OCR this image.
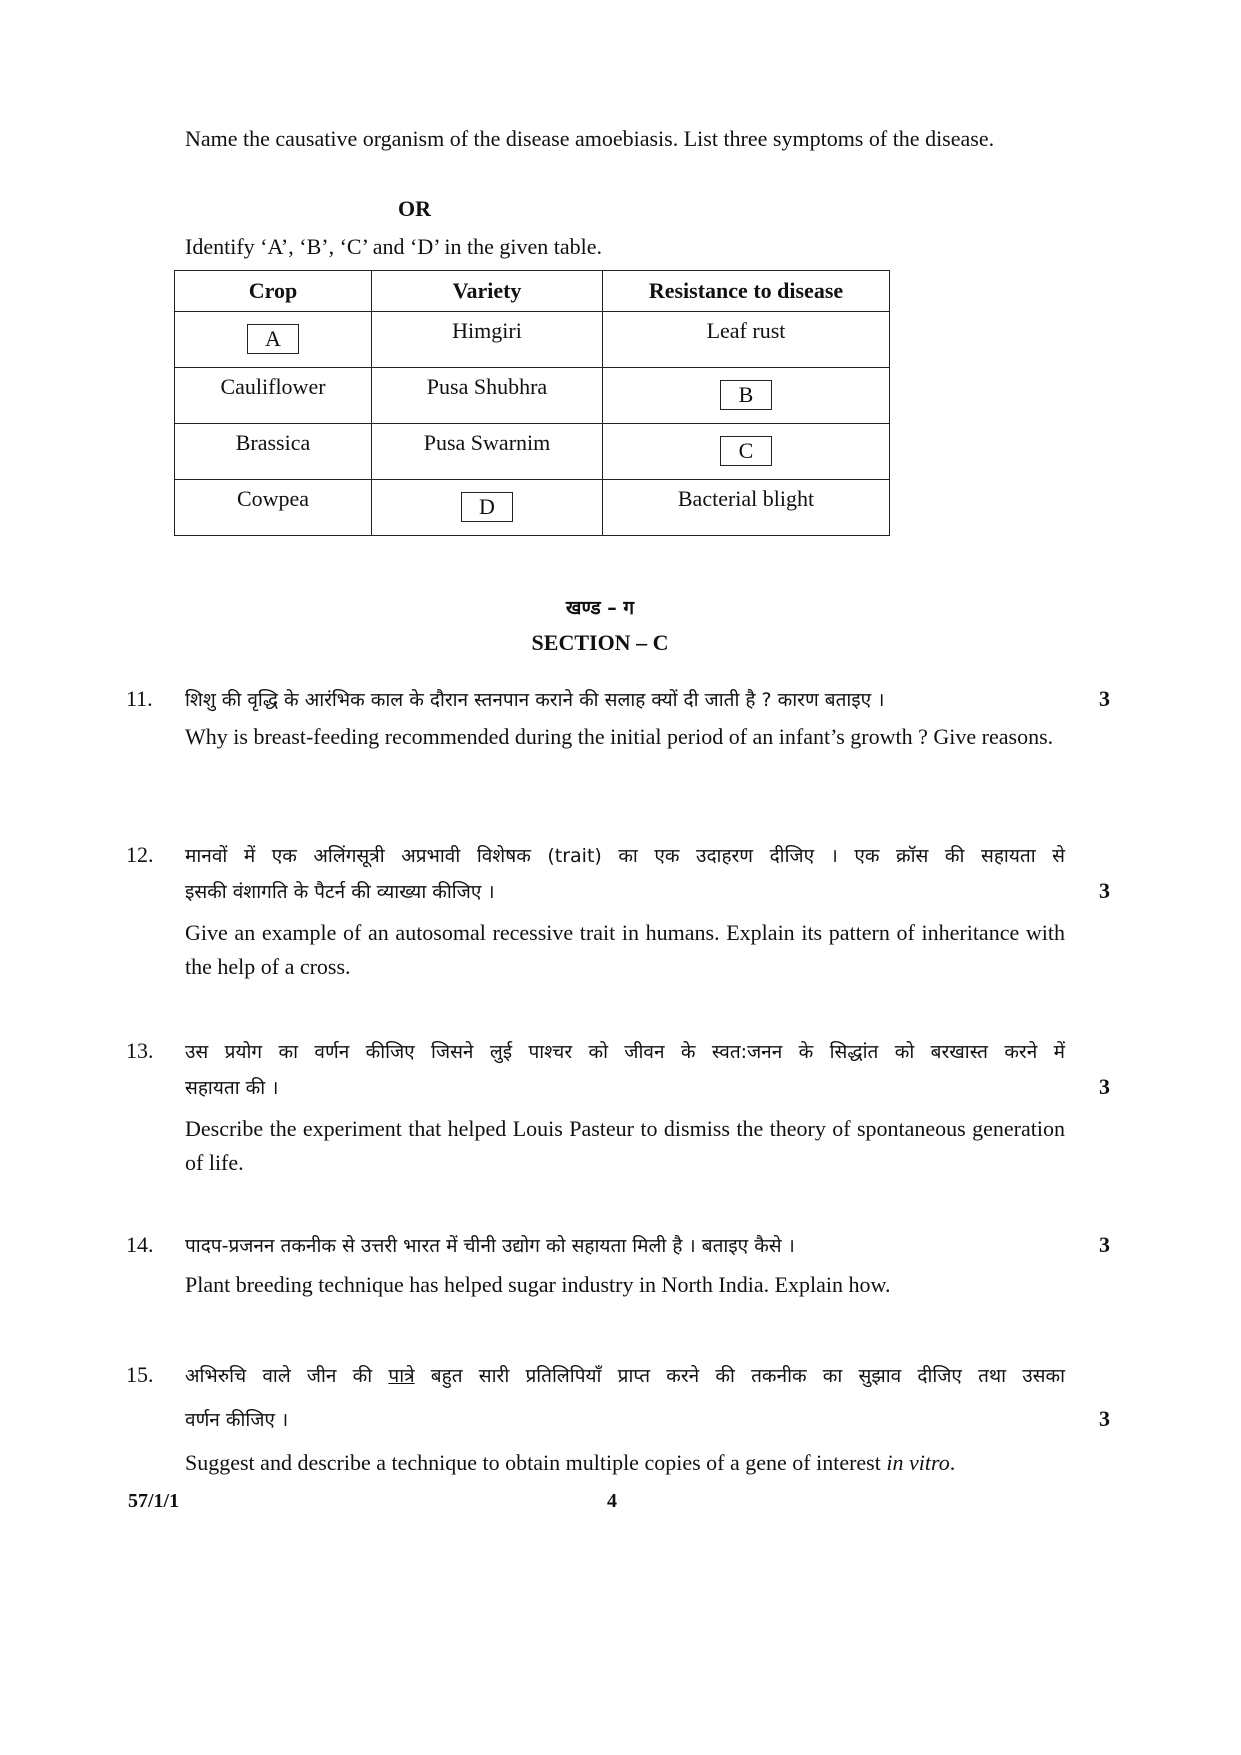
Name the causative organism of the disease amoebiasis. List three symptoms of the disease.
OR
Identify ‘A’, ‘B’, ‘C’ and ‘D’ in the given table.
Crop	Variety	Resistance to disease
A	Himgiri	Leaf rust
Cauliflower	Pusa Shubhra	B
Brassica	Pusa Swarnim	C
Cowpea	D	Bacterial blight
खण्ड – ग
SECTION – C
11.	शिशु की वृद्धि के आरंभिक काल के दौरान स्तनपान कराने की सलाह क्यों दी जाती है ? कारण बताइए ।	3
Why is breast-feeding recommended during the initial period of an infant’s growth ? Give reasons.
12.	मानवों में एक अलिंगसूत्री अप्रभावी विशेषक (trait) का एक उदाहरण दीजिए । एक क्रॉस की सहायता से
इसकी वंशागति के पैटर्न की व्याख्या कीजिए ।	3
Give an example of an autosomal recessive trait in humans. Explain its pattern of inheritance with the help of a cross.
13.	उस प्रयोग का वर्णन कीजिए जिसने लुई पाश्चर को जीवन के स्वत:जनन के सिद्धांत को बरखास्त करने में
सहायता की ।	3
Describe the experiment that helped Louis Pasteur to dismiss the theory of spontaneous generation of life.
14.	पादप-प्रजनन तकनीक से उत्तरी भारत में चीनी उद्योग को सहायता मिली है । बताइए कैसे ।	3
Plant breeding technique has helped sugar industry in North India. Explain how.
15.	अभिरुचि वाले जीन की पात्रे बहुत सारी प्रतिलिपियाँ प्राप्त करने की तकनीक का सुझाव दीजिए तथा उसका
वर्णन कीजिए ।	3
Suggest and describe a technique to obtain multiple copies of a gene of interest in vitro.
57/1/1	4
